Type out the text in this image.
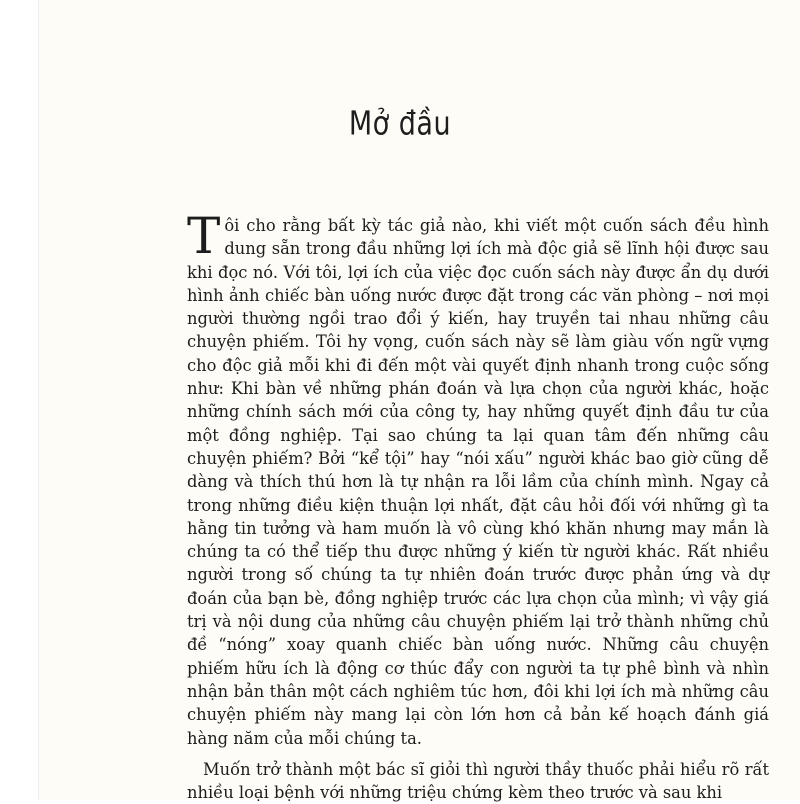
Mở đầu

Tôi cho rằng bất kỳ tác giả nào, khi viết một cuốn sách đều hình dung sẵn trong đầu những lợi ích mà độc giả sẽ lĩnh hội được sau khi đọc nó. Với tôi, lợi ích của việc đọc cuốn sách này được ẩn dụ dưới hình ảnh chiếc bàn uống nước được đặt trong các văn phòng – nơi mọi người thường ngồi trao đổi ý kiến, hay truyền tai nhau những câu chuyện phiếm. Tôi hy vọng, cuốn sách này sẽ làm giàu vốn ngữ vựng cho độc giả mỗi khi đi đến một vài quyết định nhanh trong cuộc sống như: Khi bàn về những phán đoán và lựa chọn của người khác, hoặc những chính sách mới của công ty, hay những quyết định đầu tư của một đồng nghiệp. Tại sao chúng ta lại quan tâm đến những câu chuyện phiếm? Bởi “kể tội” hay “nói xấu” người khác bao giờ cũng dễ dàng và thích thú hơn là tự nhận ra lỗi lầm của chính mình. Ngay cả trong những điều kiện thuận lợi nhất, đặt câu hỏi đối với những gì ta hằng tin tưởng và ham muốn là vô cùng khó khăn nhưng may mắn là chúng ta có thể tiếp thu được những ý kiến từ người khác. Rất nhiều người trong số chúng ta tự nhiên đoán trước được phản ứng và dự đoán của bạn bè, đồng nghiệp trước các lựa chọn của mình; vì vậy giá trị và nội dung của những câu chuyện phiếm lại trở thành những chủ đề “nóng” xoay quanh chiếc bàn uống nước. Những câu chuyện phiếm hữu ích là động cơ thúc đẩy con người ta tự phê bình và nhìn nhận bản thân một cách nghiêm túc hơn, đôi khi lợi ích mà những câu chuyện phiếm này mang lại còn lớn hơn cả bản kế hoạch đánh giá hàng năm của mỗi chúng ta.

Muốn trở thành một bác sĩ giỏi thì người thầy thuốc phải hiểu rõ rất nhiều loại bệnh với những triệu chứng kèm theo trước và sau khi
